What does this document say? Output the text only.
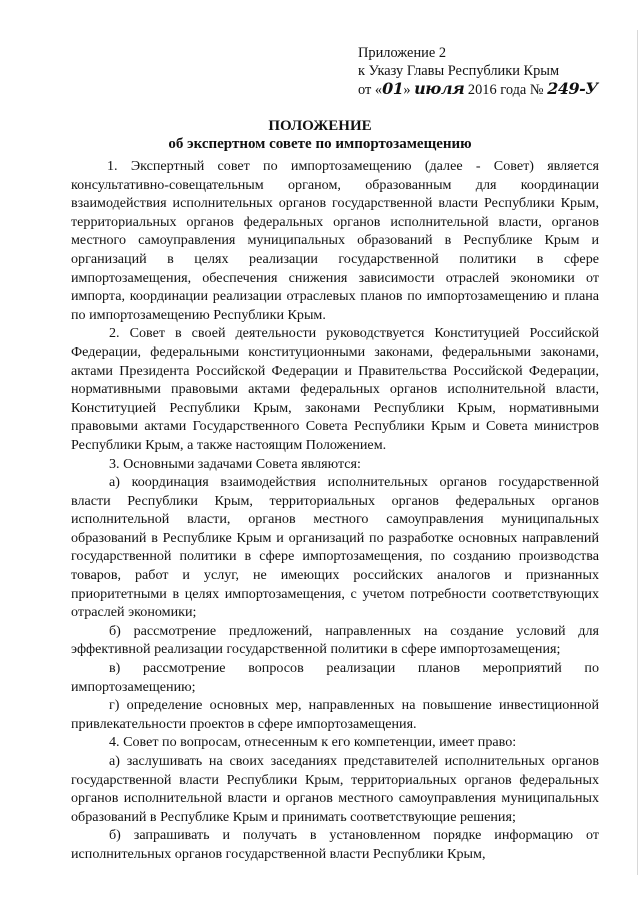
Приложение 2
к Указу Главы Республики Крым
от «01» июля 2016 года № 249-У
ПОЛОЖЕНИЕ
об экспертном совете по импортозамещению

1. Экспертный совет по импортозамещению (далее - Совет) является консультативно-совещательным органом, образованным для координации взаимодействия исполнительных органов государственной власти Республики Крым, территориальных органов федеральных органов исполнительной власти, органов местного самоуправления муниципальных образований в Республике Крым и организаций в целях реализации государственной политики в сфере импортозамещения, обеспечения снижения зависимости отраслей экономики от импорта, координации реализации отраслевых планов по импортозамещению и плана по импортозамещению Республики Крым.

2. Совет в своей деятельности руководствуется Конституцией Российской Федерации, федеральными конституционными законами, федеральными законами, актами Президента Российской Федерации и Правительства Российской Федерации, нормативными правовыми актами федеральных органов исполнительной власти, Конституцией Республики Крым, законами Республики Крым, нормативными правовыми актами Государственного Совета Республики Крым и Совета министров Республики Крым, а также настоящим Положением.

3. Основными задачами Совета являются:

а) координация взаимодействия исполнительных органов государственной власти Республики Крым, территориальных органов федеральных органов исполнительной власти, органов местного самоуправления муниципальных образований в Республике Крым и организаций по разработке основных направлений государственной политики в сфере импортозамещения, по созданию производства товаров, работ и услуг, не имеющих российских аналогов и признанных приоритетными в целях импортозамещения, с учетом потребности соответствующих отраслей экономики;

б) рассмотрение предложений, направленных на создание условий для эффективной реализации государственной политики в сфере импортозамещения;

в) рассмотрение вопросов реализации планов мероприятий по импортозамещению;

г) определение основных мер, направленных на повышение инвестиционной привлекательности проектов в сфере импортозамещения.

4. Совет по вопросам, отнесенным к его компетенции, имеет право:

а) заслушивать на своих заседаниях представителей исполнительных органов государственной власти Республики Крым, территориальных органов федеральных органов исполнительной власти и органов местного самоуправления муниципальных образований в Республике Крым и принимать соответствующие решения;

б) запрашивать и получать в установленном порядке информацию от исполнительных органов государственной власти Республики Крым,
